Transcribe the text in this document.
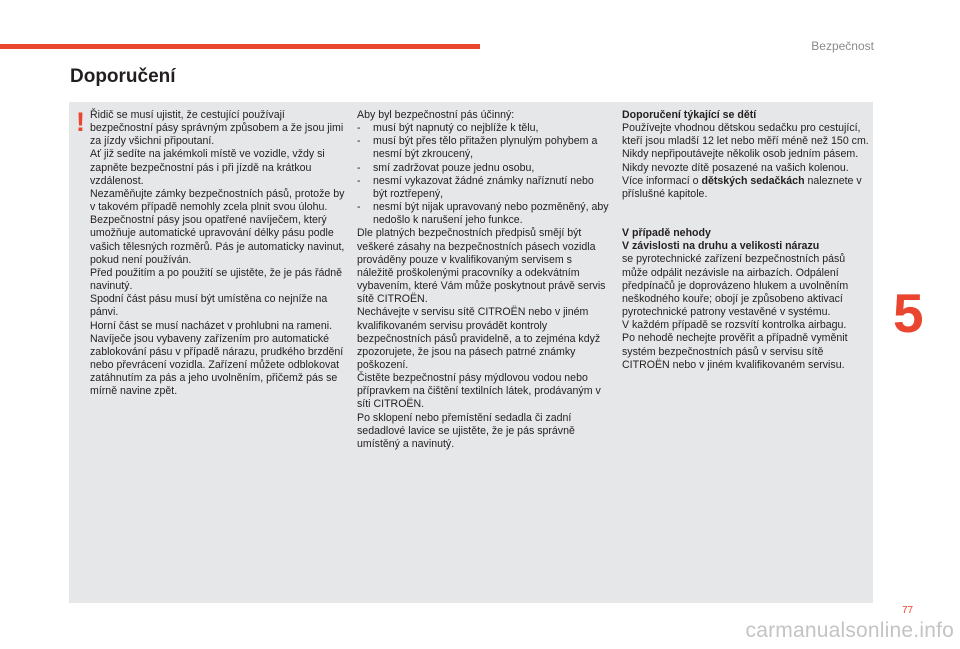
Bezpečnost
Doporučení
! Řidič se musí ujistit, že cestující používají bezpečnostní pásy správným způsobem a že jsou jimi za jízdy všichni připoutaní.

Ať již sedíte na jakémkoli místě ve vozidle, vždy si zapněte bezpečnostní pás i při jízdě na krátkou vzdálenost.

Nezaměňujte zámky bezpečnostních pásů, protože by v takovém případě nemohly zcela plnit svou úlohu.

Bezpečnostní pásy jsou opatřené navíječem, který umožňuje automatické upravování délky pásu podle vašich tělesných rozměrů. Pás je automaticky navinut, pokud není používán.

Před použitím a po použití se ujistěte, že je pás řádně navinutý.

Spodní část pásu musí být umístěna co nejníže na pánvi.

Horní část se musí nacházet v prohlubni na rameni.

Navíječe jsou vybaveny zařízením pro automatické zablokování pásu v případě nárazu, prudkého brzdění nebo převrácení vozidla. Zařízení můžete odblokovat zatáhnutím za pás a jeho uvolněním, přičemž pás se mírně navine zpět.

Aby byl bezpečnostní pás účinný:

-	musí být napnutý co nejblíže k tělu,
-	musí být přes tělo přitažen plynulým pohybem a nesmí být zkroucený,
-	smí zadržovat pouze jednu osobu,
-	nesmí vykazovat žádné známky naříznutí nebo být roztřepený,
-	nesmí být nijak upravovaný nebo pozměněný, aby nedošlo k narušení jeho funkce.

Dle platných bezpečnostních předpisů smějí být veškeré zásahy na bezpečnostních pásech vozidla prováděny pouze v kvalifikovaným servisem s náležitě proškolenými pracovníky a odekvátním vybavením, které Vám může poskytnout právě servis sítě CITROËN.

Nechávejte v servisu sítě CITROËN nebo v jiném kvalifikovaném servisu provádět kontroly bezpečnostních pásů pravidelně, a to zejména když zpozorujete, že jsou na pásech patrné známky poškození.

Čistěte bezpečnostní pásy mýdlovou vodou nebo přípravkem na čištění textilních látek, prodávaným v síti CITROËN.

Po sklopení nebo přemístění sedadla či zadní sedadlové lavice se ujistěte, že je pás správně umístěný a navinutý.

Doporučení týkající se dětí

Používejte vhodnou dětskou sedačku pro cestující, kteří jsou mladší 12 let nebo měří méně než 150 cm.

Nikdy nepřipoutávejte několik osob jedním pásem.

Nikdy nevozte dítě posazené na vašich kolenou.

Více informací o dětských sedačkách naleznete v příslušné kapitole.

V případě nehody

V závislosti na druhu a velikosti nárazu

se pyrotechnické zařízení bezpečnostních pásů může odpálit nezávisle na airbazích. Odpálení předpínačů je doprovázeno hlukem a uvolněním neškodného kouře; obojí je způsobeno aktivací pyrotechnické patrony vestavěné v systému.

V každém případě se rozsvítí kontrolka airbagu.

Po nehodě nechejte prověřit a případně vyměnit systém bezpečnostních pásů v servisu sítě CITROËN nebo v jiném kvalifikovaném servisu.

5
77
carmanualsonline.info
